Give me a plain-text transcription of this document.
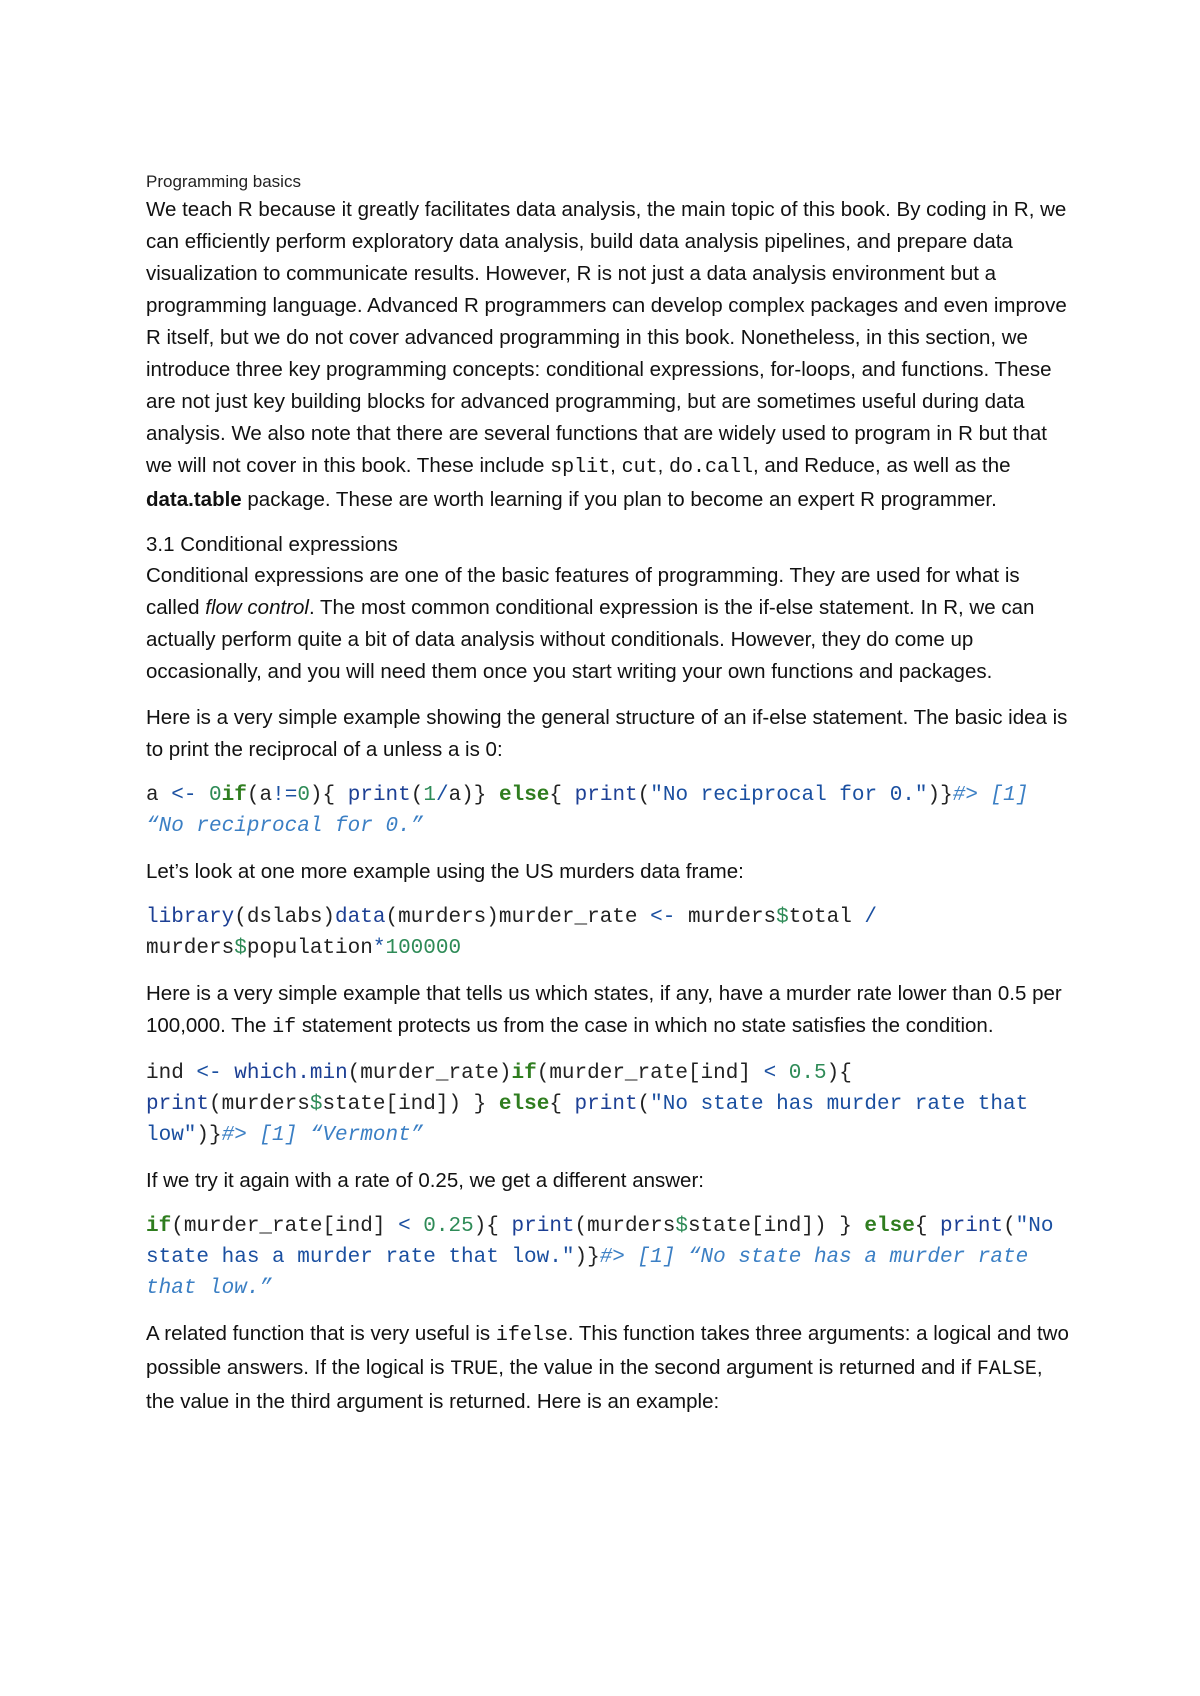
Programming basics

We teach R because it greatly facilitates data analysis, the main topic of this book. By coding in R, we can efficiently perform exploratory data analysis, build data analysis pipelines, and prepare data visualization to communicate results. However, R is not just a data analysis environment but a programming language. Advanced R programmers can develop complex packages and even improve R itself, but we do not cover advanced programming in this book. Nonetheless, in this section, we introduce three key programming concepts: conditional expressions, for-loops, and functions. These are not just key building blocks for advanced programming, but are sometimes useful during data analysis. We also note that there are several functions that are widely used to program in R but that we will not cover in this book. These include split, cut, do.call, and Reduce, as well as the data.table package. These are worth learning if you plan to become an expert R programmer.

3.1 Conditional expressions

Conditional expressions are one of the basic features of programming. They are used for what is called flow control. The most common conditional expression is the if-else statement. In R, we can actually perform quite a bit of data analysis without conditionals. However, they do come up occasionally, and you will need them once you start writing your own functions and packages.

Here is a very simple example showing the general structure of an if-else statement. The basic idea is to print the reciprocal of a unless a is 0:

a <- 0if(a!=0){ print(1/a)} else{ print("No reciprocal for 0.")}#> [1] “No reciprocal for 0.”

Let’s look at one more example using the US murders data frame:

library(dslabs)data(murders)murder_rate <- murders$total / murders$population*100000

Here is a very simple example that tells us which states, if any, have a murder rate lower than 0.5 per 100,000. The if statement protects us from the case in which no state satisfies the condition.

ind <- which.min(murder_rate)if(murder_rate[ind] < 0.5){ print(murders$state[ind]) } else{ print("No state has murder rate that low")}#> [1] “Vermont”

If we try it again with a rate of 0.25, we get a different answer:

if(murder_rate[ind] < 0.25){ print(murders$state[ind]) } else{ print("No state has a murder rate that low.")}#> [1] “No state has a murder rate that low.”

A related function that is very useful is ifelse. This function takes three arguments: a logical and two possible answers. If the logical is TRUE, the value in the second argument is returned and if FALSE, the value in the third argument is returned. Here is an example:
